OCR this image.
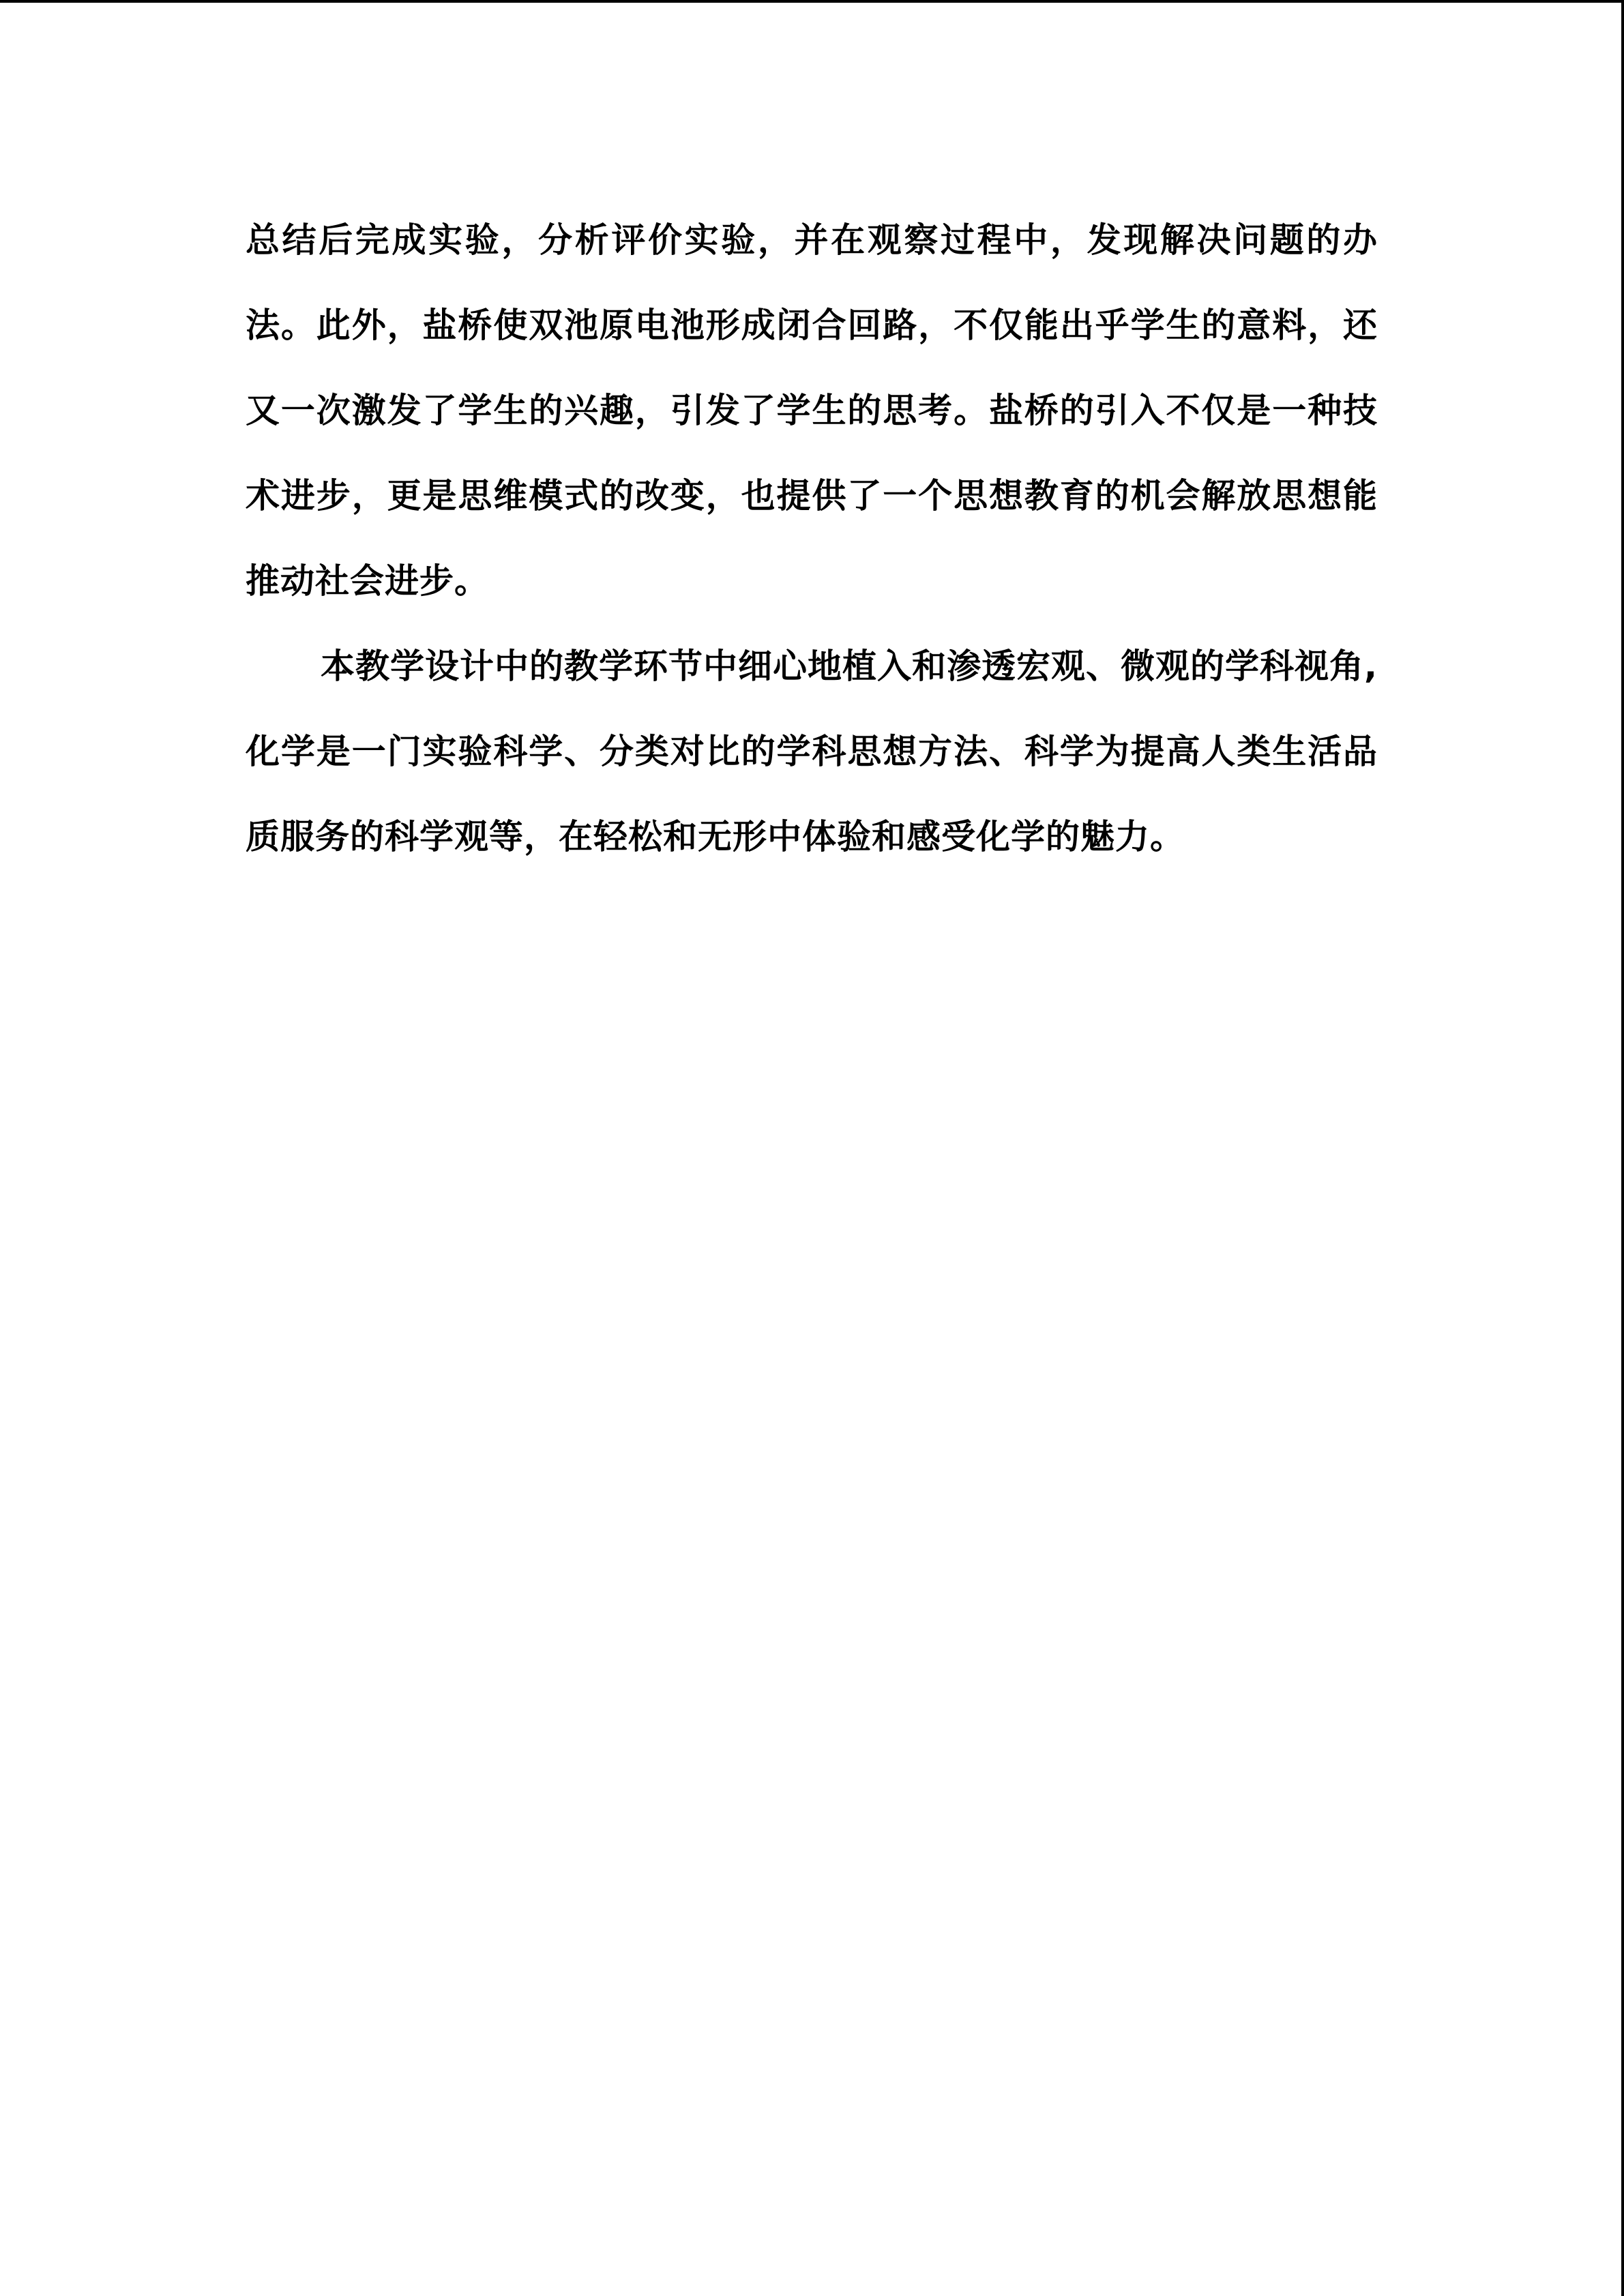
总结后完成实验，分析评价实验，并在观察过程中，发现解决问题的办法。此外，盐桥使双池原电池形成闭合回路，不仅能出乎学生的意料，还又一次激发了学生的兴趣，引发了学生的思考。盐桥的引入不仅是一种技术进步，更是思维模式的改变，也提供了一个思想教育的机会解放思想能推动社会进步。

本教学设计中的教学环节中细心地植入和渗透宏观、微观的学科视角,化学是一门实验科学、分类对比的学科思想方法、科学为提高人类生活品质服务的科学观等，在轻松和无形中体验和感受化学的魅力。
